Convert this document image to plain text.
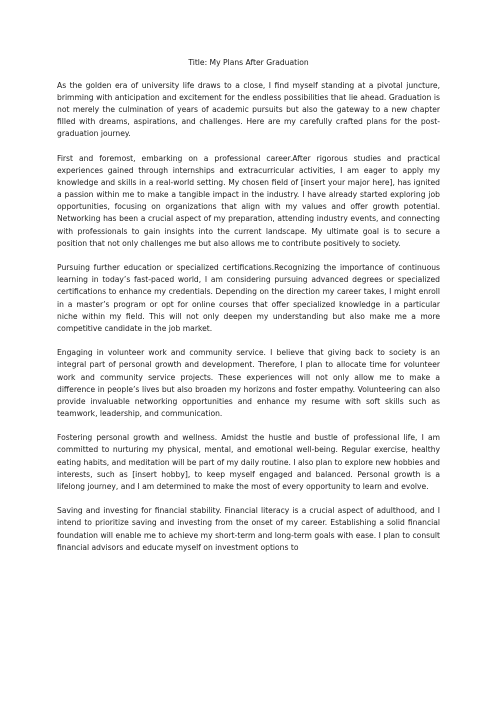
Title: My Plans After Graduation

As the golden era of university life draws to a close, I find myself standing at a pivotal juncture, brimming with anticipation and excitement for the endless possibilities that lie ahead. Graduation is not merely the culmination of years of academic pursuits but also the gateway to a new chapter filled with dreams, aspirations, and challenges. Here are my carefully crafted plans for the post-graduation journey.

First and foremost, embarking on a professional career.After rigorous studies and practical experiences gained through internships and extracurricular activities, I am eager to apply my knowledge and skills in a real-world setting. My chosen field of [insert your major here], has ignited a passion within me to make a tangible impact in the industry. I have already started exploring job opportunities, focusing on organizations that align with my values and offer growth potential. Networking has been a crucial aspect of my preparation, attending industry events, and connecting with professionals to gain insights into the current landscape. My ultimate goal is to secure a position that not only challenges me but also allows me to contribute positively to society.

Pursuing further education or specialized certifications.Recognizing the importance of continuous learning in today’s fast-paced world, I am considering pursuing advanced degrees or specialized certifications to enhance my credentials. Depending on the direction my career takes, I might enroll in a master’s program or opt for online courses that offer specialized knowledge in a particular niche within my field. This will not only deepen my understanding but also make me a more competitive candidate in the job market.

Engaging in volunteer work and community service. I believe that giving back to society is an integral part of personal growth and development. Therefore, I plan to allocate time for volunteer work and community service projects. These experiences will not only allow me to make a difference in people’s lives but also broaden my horizons and foster empathy. Volunteering can also provide invaluable networking opportunities and enhance my resume with soft skills such as teamwork, leadership, and communication.

Fostering personal growth and wellness. Amidst the hustle and bustle of professional life, I am committed to nurturing my physical, mental, and emotional well-being. Regular exercise, healthy eating habits, and meditation will be part of my daily routine. I also plan to explore new hobbies and interests, such as [insert hobby], to keep myself engaged and balanced. Personal growth is a lifelong journey, and I am determined to make the most of every opportunity to learn and evolve.

Saving and investing for financial stability. Financial literacy is a crucial aspect of adulthood, and I intend to prioritize saving and investing from the onset of my career. Establishing a solid financial foundation will enable me to achieve my short-term and long-term goals with ease. I plan to consult financial advisors and educate myself on investment options to
